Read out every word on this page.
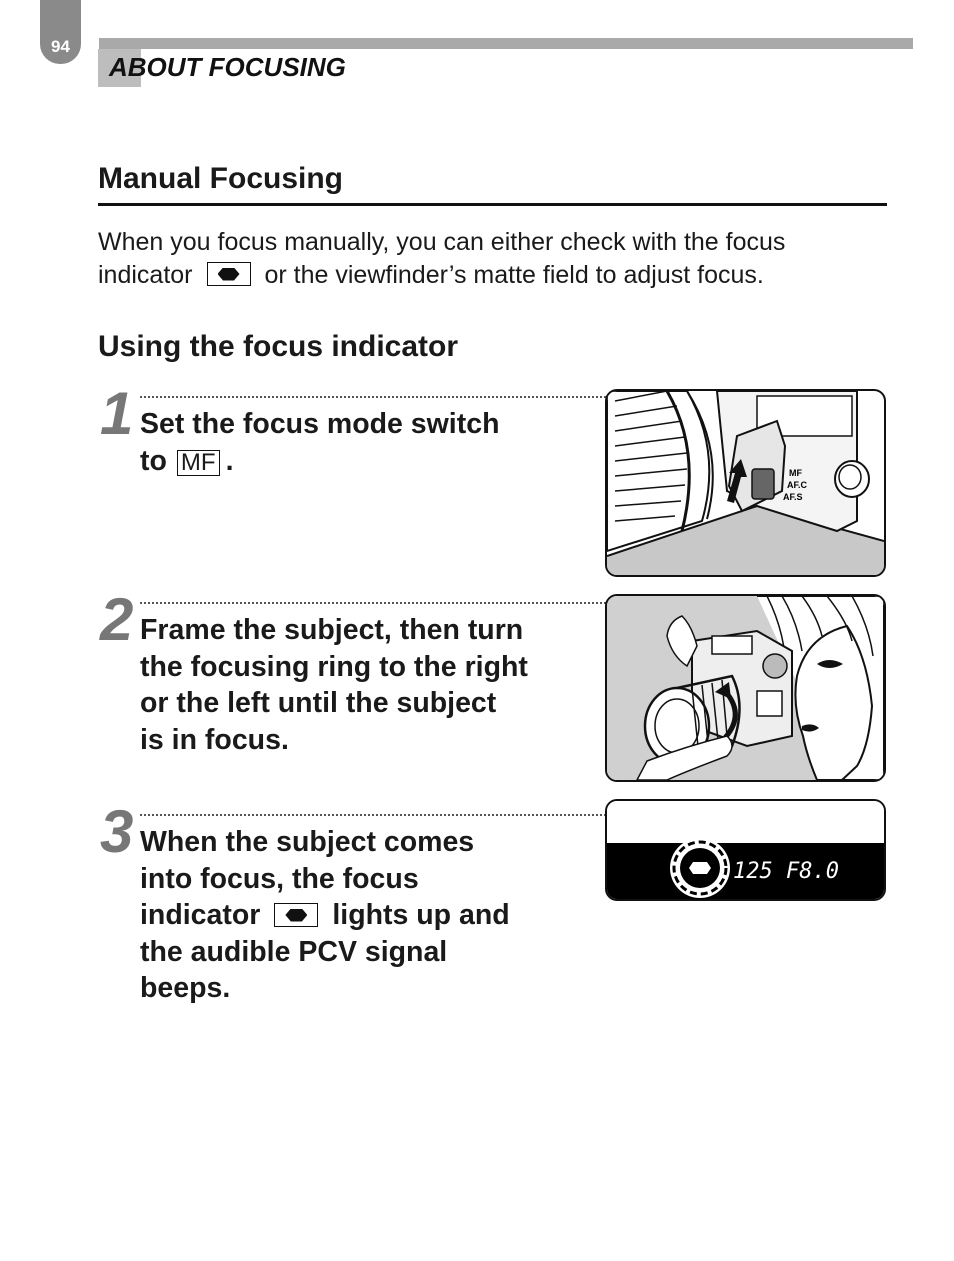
94
ABOUT FOCUSING
Manual Focusing
When you focus manually, you can either check with the focus indicator	or the viewfinder’s matte field to adjust focus.
Using the focus indicator
1 Set the focus mode switch
to MF .	MF
AF.C
AF.S
2 Frame the subject, then turn
the focusing ring to the right
or the left until the subject
is in focus.
3 When the subject comes
into focus, the focus
indicator	lights up and
the audible PCV signal
beeps.
125 F8.0
